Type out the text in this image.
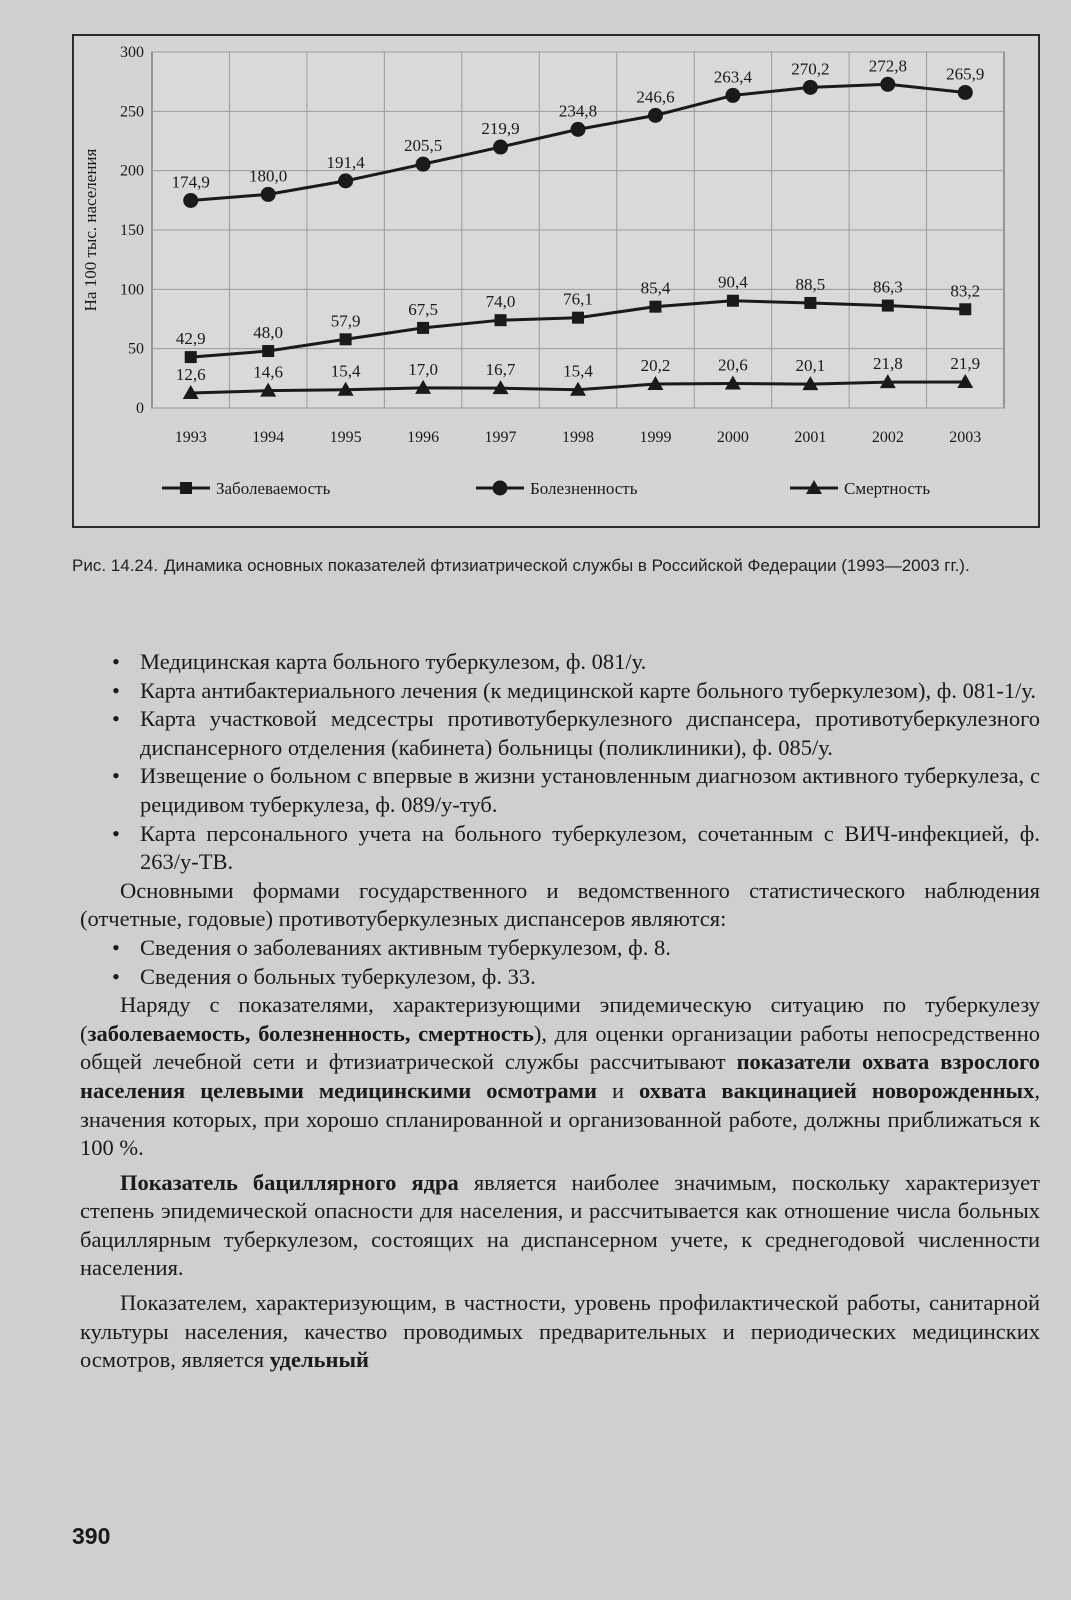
0
50
100
150
200
250
300
1993	1994	1995	1996	1997	1998	1999	2000	2001	2002	2003
На 100 тыс. населения
42,9	48,0
57,9
67,5	74,0	76,1
85,4	90,4	88,5	86,3	83,2
174,9 180,0
191,4
205,5
219,9
234,8
246,6
263,4 270,2 272,8 265,9
12,6	14,6	15,4	17,0	16,7	15,4	20,2	20,6	20,1	21,8	21,9
Заболеваемость	Болезненность	Смертность
Рис. 14.24. Динамика основных показателей фтизиатрической службы в Российской Федерации (1993—2003 гг.).
• Медицинская карта больного туберкулезом, ф. 081/у.
• Карта антибактериального лечения (к медицинской карте больного туберкулезом), ф. 081-1/у.
• Карта участковой медсестры противотуберкулезного диспансера, противотуберкулезного диспансерного отделения (кабинета) больницы (поликлиники), ф. 085/у.
• Извещение о больном с впервые в жизни установленным диагнозом активного туберкулеза, с рецидивом туберкулеза, ф. 089/у-туб.
• Карта персонального учета на больного туберкулезом, сочетанным с ВИЧ-инфекцией, ф. 263/у-ТВ.

Основными формами государственного и ведомственного статистического наблюдения (отчетные, годовые) противотуберкулезных диспансеров являются:

• Сведения о заболеваниях активным туберкулезом, ф. 8.
• Сведения о больных туберкулезом, ф. 33.

Наряду с показателями, характеризующими эпидемическую ситуацию по туберкулезу (заболеваемость, болезненность, смертность), для оценки организации работы непосредственно общей лечебной сети и фтизиатрической службы рассчитывают показатели охвата взрослого населения целевыми медицинскими осмотрами и охвата вакцинацией новорожденных, значения которых, при хорошо спланированной и организованной работе, должны приближаться к 100 %.

Показатель бациллярного ядра является наиболее значимым, поскольку характеризует степень эпидемической опасности для населения, и рассчитывается как отношение числа больных бациллярным туберкулезом, состоящих на диспансерном учете, к среднегодовой численности населения.

Показателем, характеризующим, в частности, уровень профилактической работы, санитарной культуры населения, качество проводимых предварительных и периодических медицинских осмотров, является удельный

390
